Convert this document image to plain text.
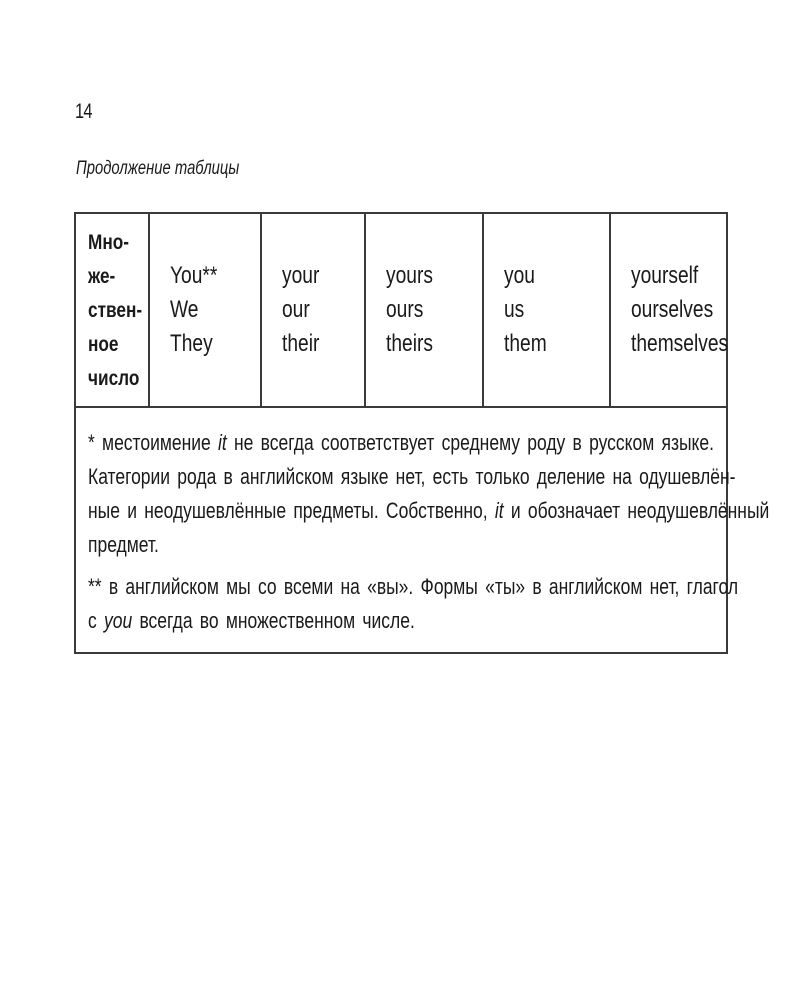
14
Продолжение таблицы
Мно-
же-
ствен-
ное
число

You**
We
They

your
our
their

yours
ours
theirs

you
us
them

yourself
ourselves
themselves

* местоимение it не всегда соответствует среднему роду в русском языке.
Категории рода в английском языке нет, есть только деление на одушевлён-
ные и неодушевлённые предметы. Собственно, it и обозначает неодушевлённый
предмет.

** в английском мы со всеми на «вы». Формы «ты» в английском нет, глагол
с you всегда во множественном числе.
